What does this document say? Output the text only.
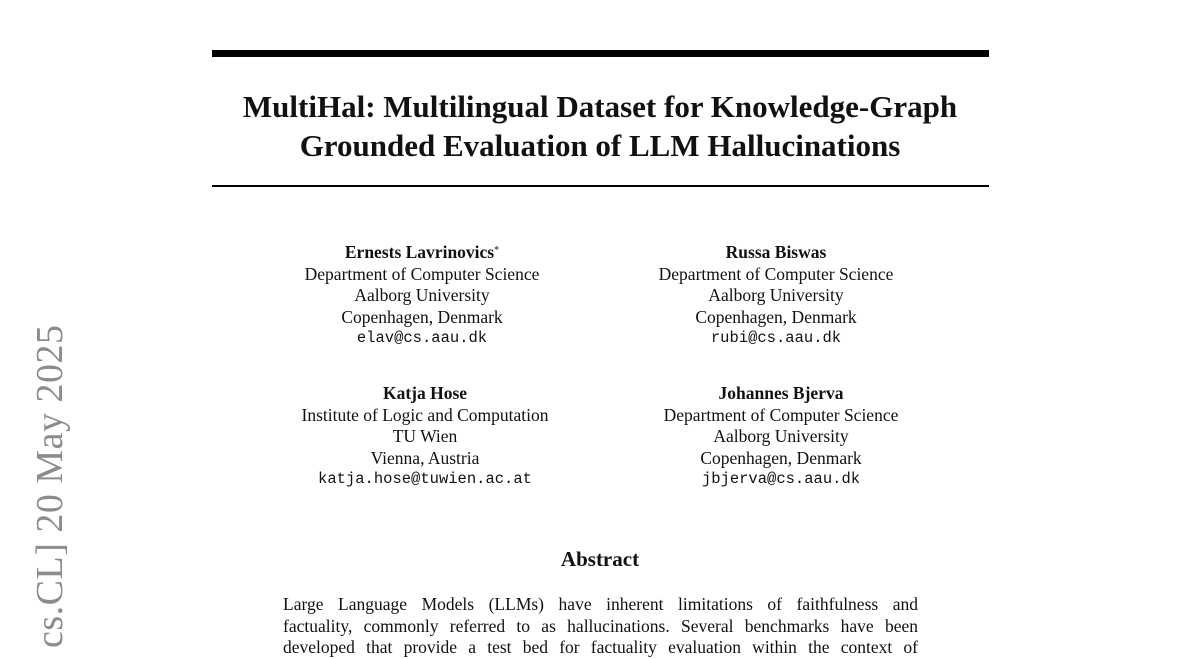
MultiHal: Multilingual Dataset for Knowledge-Graph
Grounded Evaluation of LLM Hallucinations
Ernests Lavrinovics*
Department of Computer Science
Aalborg University
Copenhagen, Denmark
elav@cs.aau.dk
Russa Biswas
Department of Computer Science
Aalborg University
Copenhagen, Denmark
rubi@cs.aau.dk
Katja Hose
Institute of Logic and Computation
TU Wien
Vienna, Austria
katja.hose@tuwien.ac.at
Johannes Bjerva
Department of Computer Science
Aalborg University
Copenhagen, Denmark
jbjerva@cs.aau.dk
Abstract
Large Language Models (LLMs) have inherent limitations of faithfulness and
factuality, commonly referred to as hallucinations. Several benchmarks have been
developed that provide a test bed for factuality evaluation within the context of
cs.CL] 20 May 2025
